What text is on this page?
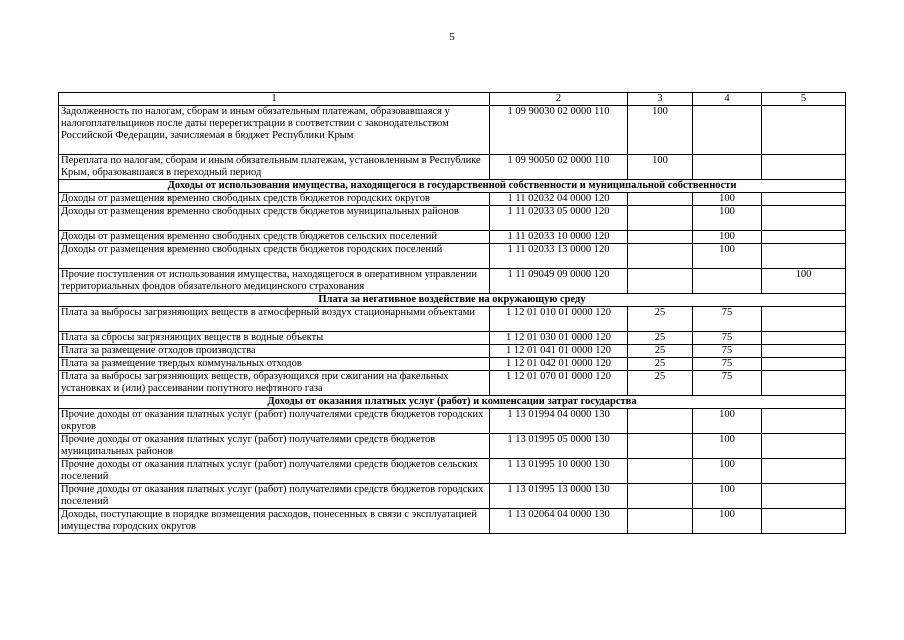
5
1	2	3	4	5
Задолженность по налогам, сборам и иным обязательным платежам, образовавшаяся у налогоплательщиков после даты перерегистрации в соответствии с законодательством Российской Федерации, зачисляемая в бюджет Республики Крым	1 09 90030 02 0000 110	100		
Переплата по налогам, сборам и иным обязательным платежам, установленным в Республике Крым, образовавшаяся в переходный период	1 09 90050 02 0000 110	100		
Доходы от использования имущества, находящегося в государственной собственности и муниципальной собственности				
Доходы от размещения временно свободных средств бюджетов городских округов	1 11 02032 04 0000 120		100	
Доходы от размещения временно свободных средств бюджетов муниципальных районов	1 11 02033 05 0000 120		100	
Доходы от размещения временно свободных средств бюджетов сельских поселений	1 11 02033 10 0000 120		100	
Доходы от размещения временно свободных средств бюджетов городских поселений	1 11 02033 13 0000 120		100	
Прочие поступления от использования имущества, находящегося в оперативном управлении территориальных фондов обязательного медицинского страхования	1 11 09049 09 0000 120			100
Плата за негативное воздействие на окружающую среду				
Плата за выбросы загрязняющих веществ в атмосферный воздух стационарными объектами	1 12 01 010 01 0000 120	25	75	
Плата за сбросы загрязняющих веществ в водные объекты	1 12 01 030 01 0000 120	25	75	
Плата за размещение отходов производства	1 12 01 041 01 0000 120	25	75	
Плата за размещение твердых коммунальных отходов	1 12 01 042 01 0000 120	25	75	
Плата за выбросы загрязняющих веществ, образующихся при сжигании на факельных установках и (или) рассеивании попутного нефтяного газа	1 12 01 070 01 0000 120	25	75	
Доходы от оказания платных услуг (работ) и компенсации затрат государства				
Прочие доходы от оказания платных услуг (работ) получателями средств бюджетов городских округов	1 13 01994 04 0000 130		100	
Прочие доходы от оказания платных услуг (работ) получателями средств бюджетов муниципальных районов	1 13 01995 05 0000 130		100	
Прочие доходы от оказания платных услуг (работ) получателями средств бюджетов сельских поселений	1 13 01995 10 0000 130		100	
Прочие доходы от оказания платных услуг (работ) получателями средств бюджетов городских поселений	1 13 01995 13 0000 130		100	
Доходы, поступающие в порядке возмещения расходов, понесенных в связи с эксплуатацией имущества городских округов	1 13 02064 04 0000 130		100	
